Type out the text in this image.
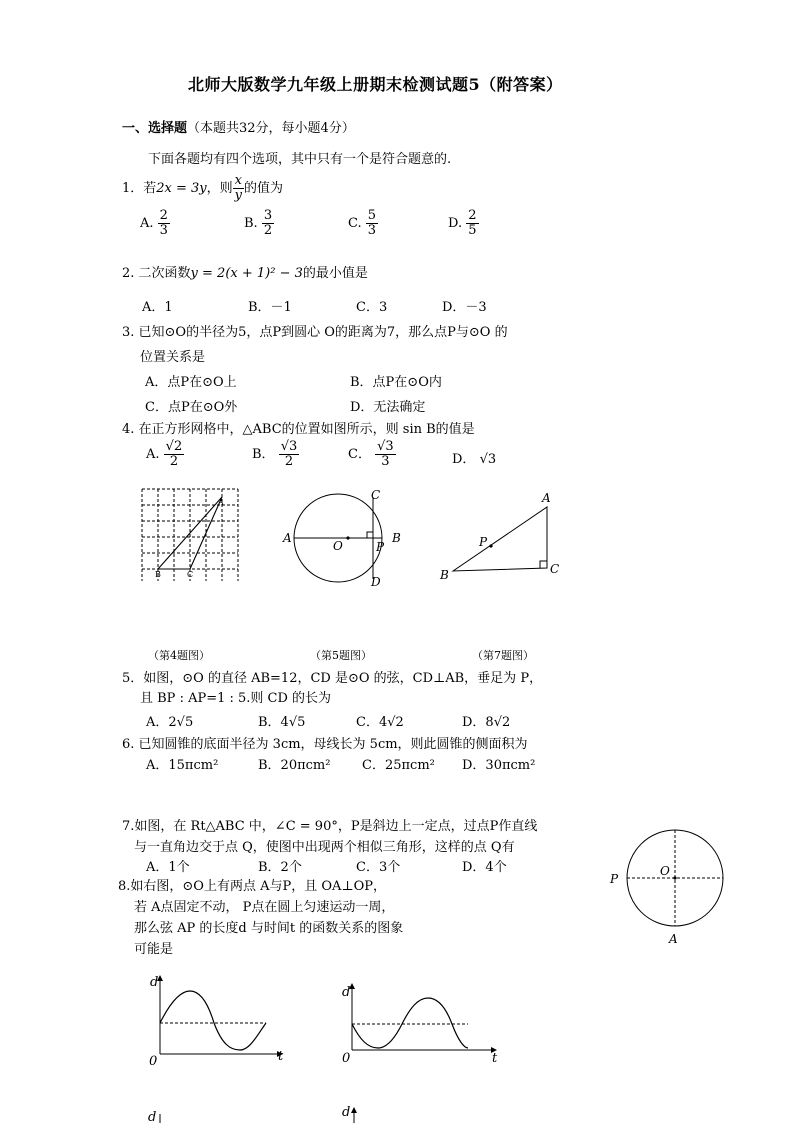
北师大版数学九年级上册期末检测试题5（附答案）
一、选择题（本题共32分，每小题4分）
下面各题均有四个选项，其中只有一个是符合题意的.
1．若2x = 3y，则 $\frac{x}{y}$ 的值为
A. $\frac{2}{3}$	B. $\frac{3}{2}$	C. $\frac{5}{3}$	D. $\frac{2}{5}$
2. 二次函数y = 2(x + 1)² − 3的最小值是
A．1	B．－1	C．3	D．－3
3. 已知⊙O的半径为5，点P到圆心 O的距离为7，那么点P与⊙O 的
位置关系是
A．点P在⊙O上	B．点P在⊙O内
C．点P在⊙O外	D．无法确定
4. 在正方形网格中，△ABC的位置如图所示，则 sin B的值是
A. $\frac{√2}{2}$	B． $\frac{√3}{2}$	C． $\frac{√3}{3}$	D． √3
A
B	C
A	B
C
D
O	P
A
B	C
P
（第4题图）	（第5题图）	（第7题图）
5．如图，⊙O 的直径 AB=12，CD 是⊙O 的弦，CD⊥AB，垂足为 P，
且 BP : AP=1 : 5.则 CD 的长为
A．2√5	B．4√5	C．4√2	D．8√2
6. 已知圆锥的底面半径为 3cm，母线长为 5cm，则此圆锥的侧面积为
A．15πcm²	B．20πcm² C．25πcm² D．30πcm²
7.如图，在 Rt△ABC 中，∠C = 90°，P是斜边上一定点，过点P作直线
与一直角边交于点 Q，使图中出现两个相似三角形，这样的点 Q有
A．1个	B．2个	C．3个	D．4个
8.如右图，⊙O上有两点 A与P，且 OA⊥OP，
若 A点固定不动， P点在圆上匀速运动一周，
那么弦 AP 的长度d 与时间t 的函数关系的图象
可能是
O
P
A
d
t
0
d
t
0
d	d
